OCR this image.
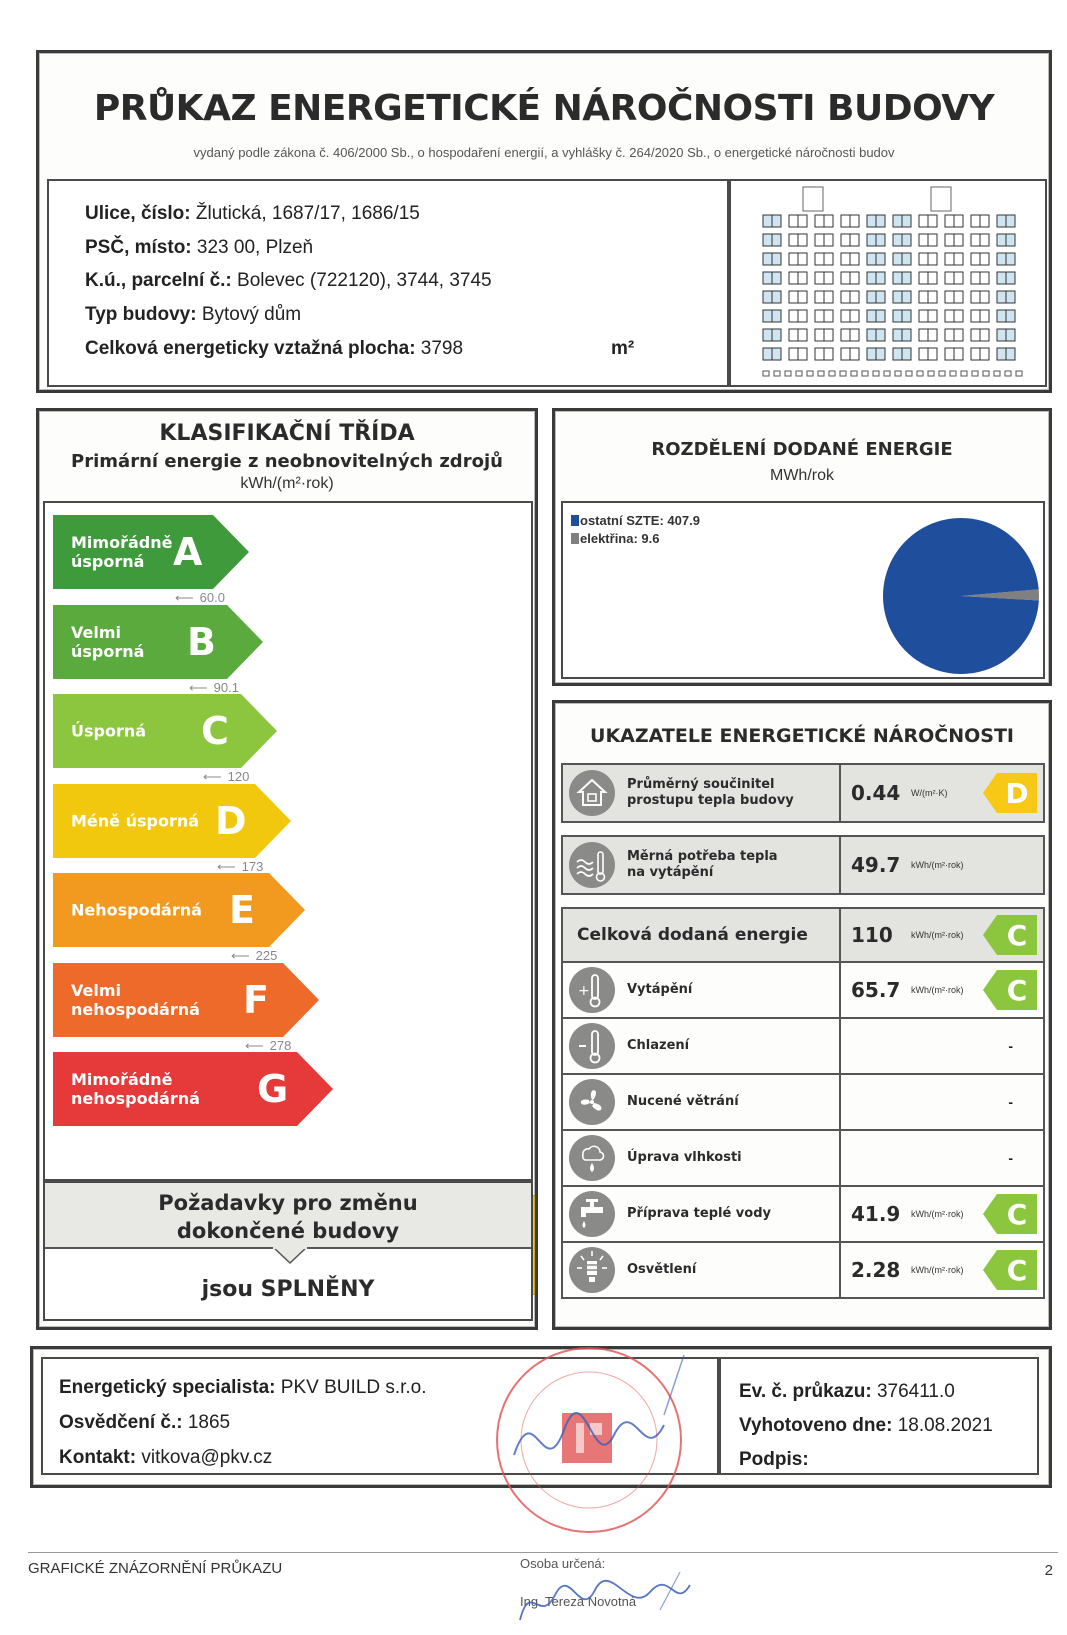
PRŮKAZ ENERGETICKÉ NÁROČNOSTI BUDOVY
vydaný podle zákona č. 406/2000 Sb., o hospodaření energií, a vyhlášky č. 264/2020 Sb., o energetické náročnosti budov
Ulice, číslo: Žlutická, 1687/17, 1686/15
PSČ, místo: 323 00, Plzeň
K.ú., parcelní č.: Bolevec (722120), 3744, 3745
Typ budovy: Bytový dům
Celková energeticky vztažná plocha: 3798	m²
KLASIFIKAČNÍ TŘÍDA
Primární energie z neobnovitelných zdrojů
kWh/(m²·rok)
Mimořádně
úsporná A
⟵ 60.0
Velmi
úsporná B
⟵ 90.1
Úsporná C
⟵ 120
Méně úsporná D
⟵ 173
Nehospodárná E
⟵ 225
Velmi
nehospodárná F
⟵ 278
Mimořádně
nehospodárná G
Požadavky pro změnu
dokončené budovy
jsou SPLNĚNY
ROZDĚLENÍ DODANÉ ENERGIE
MWh/rok
ostatní SZTE: 407.9
elektřina: 9.6
UKAZATELE ENERGETICKÉ NÁROČNOSTI
Průměrný součinitel
prostupu tepla budovy	0.44 W/(m²·K) D
Měrná potřeba tepla
na vytápění	49.7 kWh/(m²·rok)
Celková dodaná energie 110 kWh/(m²·rok) C
+	Vytápění	65.7 kWh/(m²·rok) C
Chlazení	-
Nucené větrání	-
Úprava vlhkosti	-
Příprava teplé vody	41.9 kWh/(m²·rok) C
Osvětlení	2.28 kWh/(m²·rok) C
Energetický specialista: PKV BUILD s.r.o.
Osvědčení č.: 1865
Kontakt: vitkova@pkv.cz
Ev. č. průkazu: 376411.0
Vyhotoveno dne: 18.08.2021
Podpis:
GRAFICKÉ ZNÁZORNĚNÍ PRŮKAZU	Osoba určená:
Ing. Tereza Novotná
2
